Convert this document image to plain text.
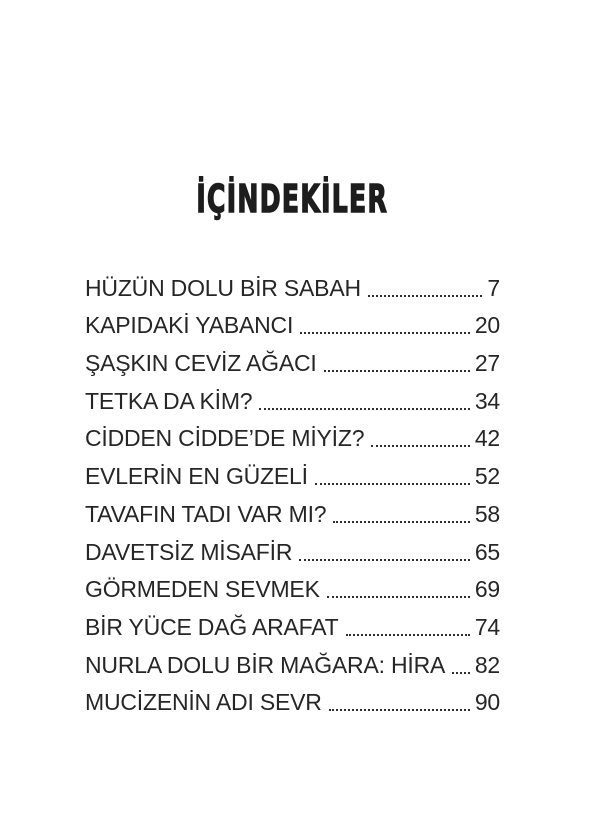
İÇİNDEKİLER
HÜZÜN DOLU BİR SABAH	7
KAPIDAKİ YABANCI	20
ŞAŞKIN CEVİZ AĞACI	27
TETKA DA KİM?	34
CİDDEN CİDDE’DE MİYİZ?	42
EVLERİN EN GÜZELİ	52
TAVAFIN TADI VAR MI?	58
DAVETSİZ MİSAFİR	65
GÖRMEDEN SEVMEK	69
BİR YÜCE DAĞ ARAFAT	74
NURLA DOLU BİR MAĞARA: HİRA 82
MUCİZENİN ADI SEVR	90
